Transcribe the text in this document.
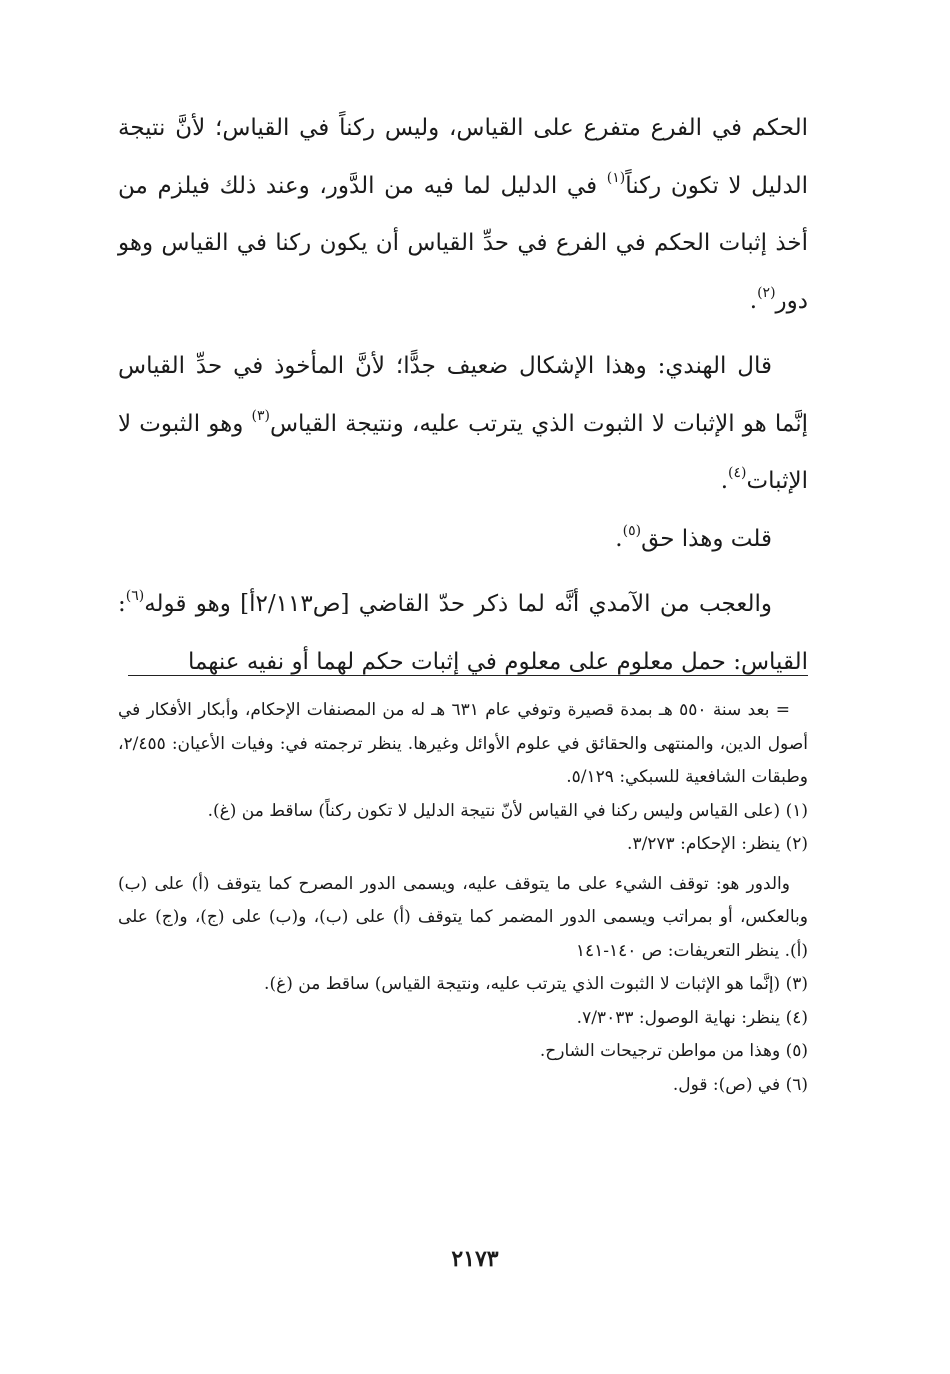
الحكم في الفرع متفرع على القياس، وليس ركناً في القياس؛ لأنَّ نتيجة الدليل لا تكون ركناً$^{(١)}$ في الدليل لما فيه من الدَّور، وعند ذلك فيلزم من أخذ إثبات الحكم في الفرع في حدِّ القياس أن يكون ركنا في القياس وهو دور$^{(٢)}$.

قال الهندي: وهذا الإشكال ضعيف جدًّا؛ لأنَّ المأخوذ في حدِّ القياس إنَّما هو الإثبات لا الثبوت الذي يترتب عليه، ونتيجة القياس$^{(٣)}$ وهو الثبوت لا الإثبات$^{(٤)}$.

قلت وهذا حق$^{(٥)}$.

والعجب من الآمدي أنَّه لما ذكر حدّ القاضي [ص٢/١١٣أ] وهو قوله$^{(٦)}$: القياس: حمل معلوم على معلوم في إثبات حكم لهما أو نفيه عنهما

= بعد سنة ٥٥٠ هـ بمدة قصيرة وتوفي عام ٦٣١ هـ له من المصنفات الإحكام، وأبكار الأفكار في أصول الدين، والمنتهى والحقائق في علوم الأوائل وغيرها. ينظر ترجمته في: وفيات الأعيان: ٢/٤٥٥، وطبقات الشافعية للسبكي: ٥/١٢٩.

(١) (على القياس وليس ركنا في القياس لأنّ نتيجة الدليل لا تكون ركناً) ساقط من (غ).

(٢) ينظر: الإحكام: ٣/٢٧٣.

والدور هو: توقف الشيء على ما يتوقف عليه، ويسمى الدور المصرح كما يتوقف (أ) على (ب) وبالعكس، أو بمراتب ويسمى الدور المضمر كما يتوقف (أ) على (ب)، و(ب) على (ج)، و(ج) على (أ). ينظر التعريفات: ص ١٤٠-١٤١

(٣) (إنَّما هو الإثبات لا الثبوت الذي يترتب عليه، ونتيجة القياس) ساقط من (غ).

(٤) ينظر: نهاية الوصول: ٧/٣٠٣٣.

(٥) وهذا من مواطن ترجيحات الشارح.

(٦) في (ص): قول.

٢١٧٣
